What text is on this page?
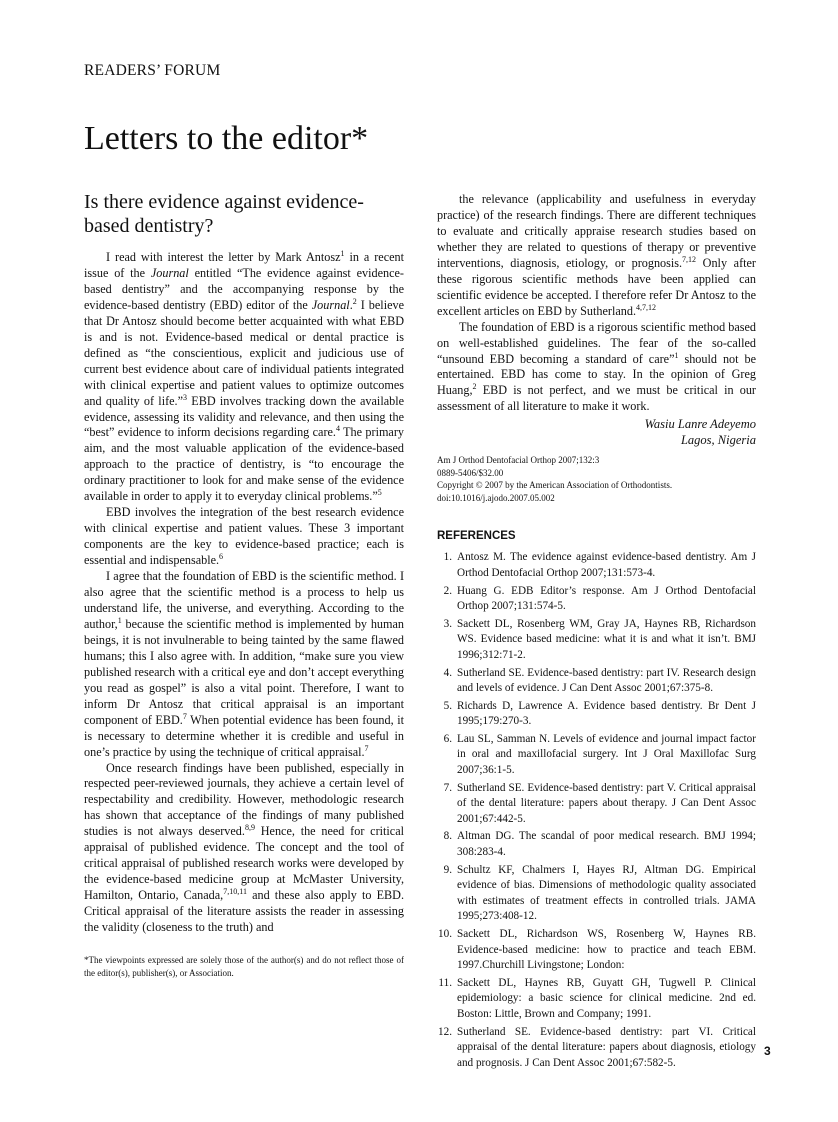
READERS’ FORUM
Letters to the editor*
Is there evidence against evidence-based dentistry?

I read with interest the letter by Mark Antosz$^1$ in a recent issue of the Journal entitled “The evidence against evidence-based dentistry” and the accompanying response by the evidence-based dentistry (EBD) editor of the Journal.$^2$ I believe that Dr Antosz should become better acquainted with what EBD is and is not. Evidence-based medical or dental practice is defined as “the conscientious, explicit and judicious use of current best evidence about care of individual patients integrated with clinical expertise and patient values to optimize outcomes and quality of life.”$^3$ EBD involves tracking down the available evidence, assessing its validity and relevance, and then using the “best” evidence to inform decisions regarding care.$^4$ The primary aim, and the most valuable application of the evidence-based approach to the practice of dentistry, is “to encourage the ordinary practitioner to look for and make sense of the evidence available in order to apply it to everyday clinical problems.”$^5$

EBD involves the integration of the best research evidence with clinical expertise and patient values. These 3 important components are the key to evidence-based practice; each is essential and indispensable.$^6$

I agree that the foundation of EBD is the scientific method. I also agree that the scientific method is a process to help us understand life, the universe, and everything. According to the author,$^1$ because the scientific method is implemented by human beings, it is not invulnerable to being tainted by the same flawed humans; this I also agree with. In addition, “make sure you view published research with a critical eye and don’t accept everything you read as gospel” is also a vital point. Therefore, I want to inform Dr Antosz that critical appraisal is an important component of EBD.$^7$ When potential evidence has been found, it is necessary to determine whether it is credible and useful in one’s practice by using the technique of critical appraisal.$^7$

Once research findings have been published, especially in respected peer-reviewed journals, they achieve a certain level of respectability and credibility. However, methodologic research has shown that acceptance of the findings of many published studies is not always deserved.$^{8,9}$ Hence, the need for critical appraisal of published evidence. The concept and the tool of critical appraisal of published research works were developed by the evidence-based medicine group at McMaster University, Hamilton, Ontario, Canada,$^{7,10,11}$ and these also apply to EBD. Critical appraisal of the literature assists the reader in assessing the validity (closeness to the truth) and

*The viewpoints expressed are solely those of the author(s) and do not reflect those of the editor(s), publisher(s), or Association.

the relevance (applicability and usefulness in everyday practice) of the research findings. There are different techniques to evaluate and critically appraise research studies based on whether they are related to questions of therapy or preventive interventions, diagnosis, etiology, or prognosis.$^{7,12}$ Only after these rigorous scientific methods have been applied can scientific evidence be accepted. I therefore refer Dr Antosz to the excellent articles on EBD by Sutherland.$^{4,7,12}$

The foundation of EBD is a rigorous scientific method based on well-established guidelines. The fear of the so-called “unsound EBD becoming a standard of care”$^1$ should not be entertained. EBD has come to stay. In the opinion of Greg Huang,$^2$ EBD is not perfect, and we must be critical in our assessment of all literature to make it work.

Wasiu Lanre Adeyemo
Lagos, Nigeria
Am J Orthod Dentofacial Orthop 2007;132:3
0889-5406/$32.00
Copyright © 2007 by the American Association of Orthodontists.
doi:10.1016/j.ajodo.2007.05.002
REFERENCES
1. Antosz M. The evidence against evidence-based dentistry. Am J Orthod Dentofacial Orthop 2007;131:573-4.
2. Huang G. EDB Editor’s response. Am J Orthod Dentofacial Orthop 2007;131:574-5.
3. Sackett DL, Rosenberg WM, Gray JA, Haynes RB, Richardson WS. Evidence based medicine: what it is and what it isn’t. BMJ 1996;312:71-2.
4. Sutherland SE. Evidence-based dentistry: part IV. Research design and levels of evidence. J Can Dent Assoc 2001;67:375-8.
5. Richards D, Lawrence A. Evidence based dentistry. Br Dent J 1995;179:270-3.
6. Lau SL, Samman N. Levels of evidence and journal impact factor in oral and maxillofacial surgery. Int J Oral Maxillofac Surg 2007;36:1-5.
7. Sutherland SE. Evidence-based dentistry: part V. Critical appraisal of the dental literature: papers about therapy. J Can Dent Assoc 2001;67:442-5.
8. Altman DG. The scandal of poor medical research. BMJ 1994; 308:283-4.
9. Schultz KF, Chalmers I, Hayes RJ, Altman DG. Empirical evidence of bias. Dimensions of methodologic quality associated with estimates of treatment effects in controlled trials. JAMA 1995;273:408-12.
10. Sackett DL, Richardson WS, Rosenberg W, Haynes RB. Evidence-based medicine: how to practice and teach EBM. 1997.Churchill Livingstone; London:
11. Sackett DL, Haynes RB, Guyatt GH, Tugwell P. Clinical epidemiology: a basic science for clinical medicine. 2nd ed. Boston: Little, Brown and Company; 1991.
12. Sutherland SE. Evidence-based dentistry: part VI. Critical appraisal of the dental literature: papers about diagnosis, etiology and prognosis. J Can Dent Assoc 2001;67:582-5.
3
